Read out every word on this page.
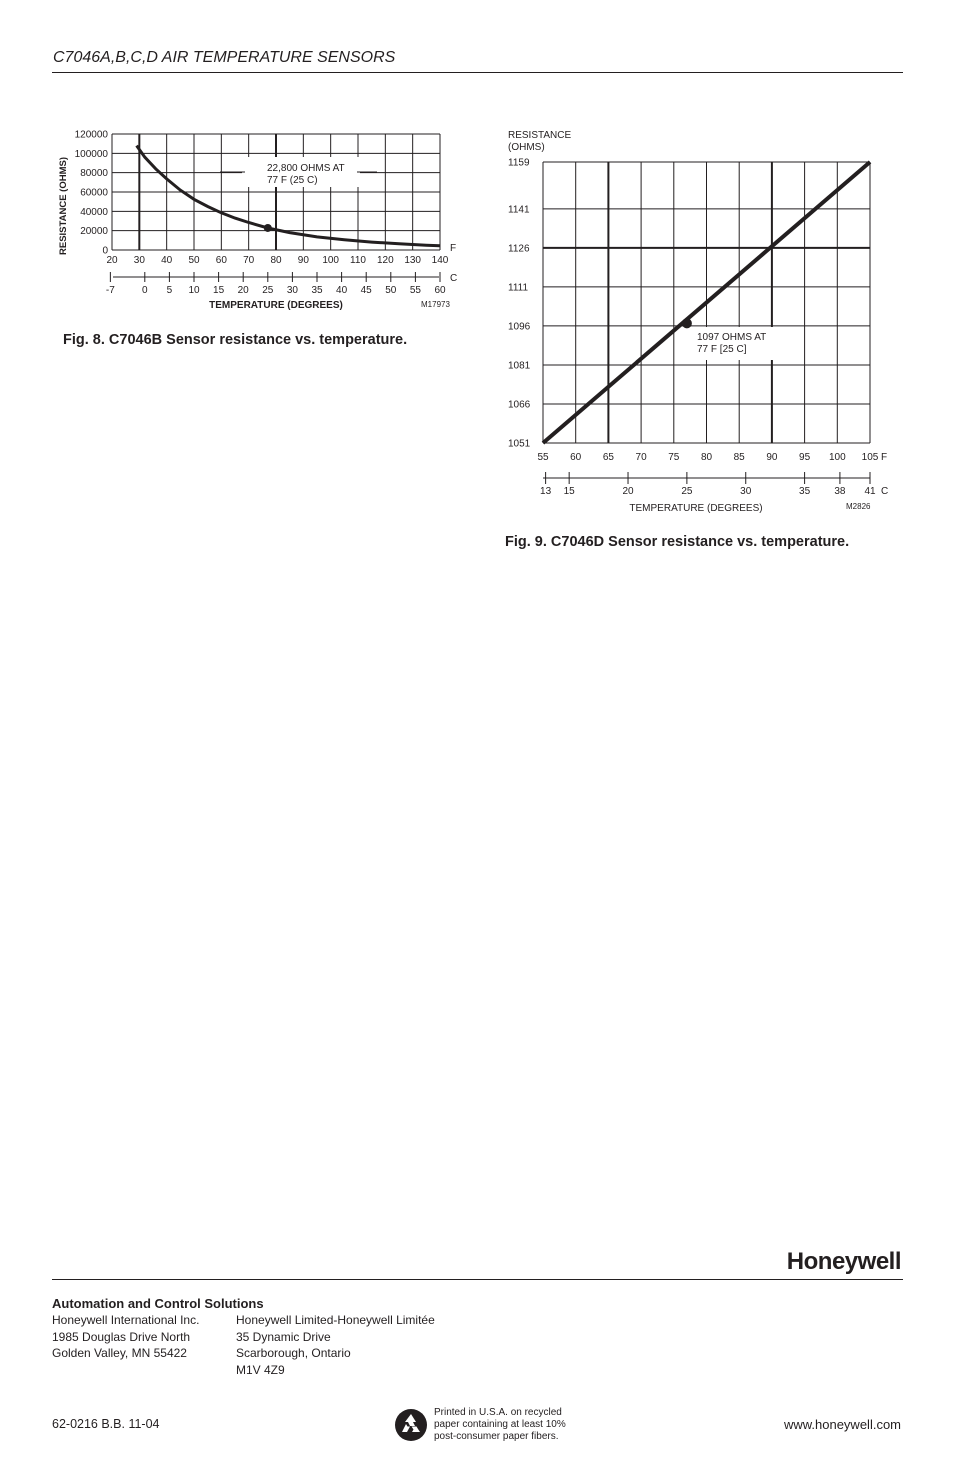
C7046A,B,C,D AIR TEMPERATURE SENSORS
0
20000
40000
60000
80000
100000
120000
20 30 40 50 60 70 80 90 100 110 120 130 140
F
22,800 OHMS AT
77 F (25 C)
-7	0 5 10 15 20 25 30 35 40 45 50 55 60
C
TEMPERATURE (DEGREES)	M17973
RESISTANCE (OHMS)
Fig. 8. C7046B Sensor resistance vs. temperature.
RESISTANCE
(OHMS)
1051
1066
1081
1096
1111
1126
1141
1159
55 60 65 70 75 80 85 90 95 100 105 F
1097 OHMS AT
77 F [25 C]
13 15	20	25	30	35 38 41 C
TEMPERATURE (DEGREES)	M2826
Fig. 9. C7046D Sensor resistance vs. temperature.
Honeywell
Automation and Control Solutions
Honeywell International Inc.
1985 Douglas Drive North
Golden Valley, MN 55422
Honeywell Limited-Honeywell Limitée
35 Dynamic Drive
Scarborough, Ontario
M1V 4Z9
62-0216 B.B. 11-04
Printed in U.S.A. on recycled
paper containing at least 10%
post-consumer paper fibers.
www.honeywell.com
